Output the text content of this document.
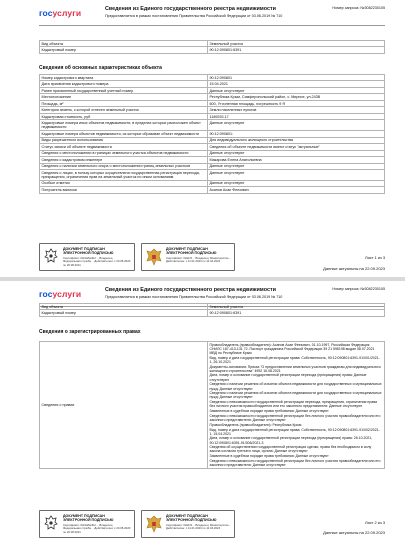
госуслуги	Сведения из Единого государственного реестра недвижимости
Предоставляется в рамках постановления Правительства Российской Федерации от 03.06.2019 № 710
Номер запроса: №3082230105
Вид объекта	Земельный участок
Кадастровый номер	90:12:090801:6391
Сведения об основных характеристиках объекта
Номер кадастрового квартала	90:12:090801
Дата присвоения кадастрового номера	15.04.2021
Ранее присвоенный государственный учетный номер	Данные отсутствуют
Местоположение	Республика Крым, Симферопольский район, с. Мирное, ул.243В
Площадь, м²	600, Уточненная площадь, погрешность 9 Я
Категория земель, к которой отнесен земельный участок	Земли населенных пунктов
Кадастровая стоимость, руб	1189253.17
Кадастровые номера иных объектов недвижимости, в пределах которых расположен объект недвижимости	Данные отсутствуют
Кадастровые номера объектов недвижимости, из которых образован объект недвижимости	90:12:090801:
Виды разрешенного использования	Для индивидуального жилищного строительства
Статус записи об объекте недвижимости	Сведения об объекте недвижимости имеют статус "актуальные"
Сведения о местоположении в границах земельного участка объектов недвижимости	Данные отсутствуют
Сведения о кадастровом инженере	Макарова Елена Анатольевна
Сведения о наличии земельного спора о местоположении границ земельных участков	Данные отсутствуют
Сведения о лицах, в пользу которых осуществлена государственная регистрация перехода, прекращения, ограничения прав на земельный участок по иным основаниям	Данные отсутствуют
Особые отметки	Данные отсутствуют
Получатель выписки	Асанов Асан Феезович
ДОКУМЕНТ ПОДПИСАН ЭЛЕКТРОННОЙ ПОДПИСЬЮ
Сертификат: 00c0a5e4b2… Владелец: Федеральная служба… Действителен: с 20.05.2020 по 20.08.2021
ДОКУМЕНТ ПОДПИСАН ЭЛЕКТРОННОЙ ПОДПИСЬЮ
Сертификат: 02a1f3… Владелец: Министерство… Действителен: с 11.01.2023 по 11.04.2024
Лист 1 из 3
Данные актуальны на 22.09.2023
госуслуги	Сведения из Единого государственного реестра недвижимости
Предоставляется в рамках постановления Правительства Российской Федерации от 03.06.2019 № 710
Номер запроса: №3082230105
Вид объекта	Земельный участок
Кадастровый номер	90:12:090801:6391
Сведения о зарегистрированных правах
Сведения о правах	

Правообладатель (правообладатели): Асанов Асан Феезович, 01.10.1997, Российская Федерация: СНИЛС 187-413-131 72. Паспорт гражданина Российской Федерации 39 21 596198 выдан 08.07.2021 МВД по Республике Крым

Вид, номер и дата государственной регистрации права: Собственность, 90:12:090801:6391-91/001/2021-1, 26.10.2021

Документы-основания: Приказ "О предоставлении земельных участков гражданам для индивидуального жилищного строительства" 4952 16.08.2021

Дата, номер и основание государственной регистрации перехода (прекращения) права: Данные отсутствуют

Сведения о наличии решения об изъятии объекта недвижимости для государственных и муниципальных нужд: Данные отсутствуют

Сведения о наличии решения об изъятии объекта недвижимости для государственных и муниципальных нужд: Данные отсутствуют

Сведения о невозможности государственной регистрации перехода, прекращения, ограничения права без личного участия правообладателя или его законного представителя: Данные отсутствуют

Заявленные в судебном порядке права требования: Данные отсутствуют

Сведения о невозможности государственной регистрации без личного участия правообладателя или его законного представителя: Данные отсутствуют

Правообладатель (правообладатели): Республика Крым

Вид, номер и дата государственной регистрации права: Собственность, 90:12:090801:6391-91/002/2021-1, 15.04.2021

Дата, номер и основание государственной регистрации перехода (прекращения) права: 26.10.2021, 90:12:090801:6391-91/006/2021-3

Сведения об осуществлении государственной регистрации сделки, права без необходимого в силу закона согласия третьего лица, органа: Данные отсутствуют

Заявленные в судебном порядке права требования: Данные отсутствуют

Сведения о невозможности государственной регистрации без личного участия правообладателя или его законного представителя: Данные отсутствуют

ДОКУМЕНТ ПОДПИСАН ЭЛЕКТРОННОЙ ПОДПИСЬЮ
Сертификат: 00c0a5e4b2… Владелец: Федеральная служба… Действителен: с 20.05.2020 по 20.08.2021
ДОКУМЕНТ ПОДПИСАН ЭЛЕКТРОННОЙ ПОДПИСЬЮ
Сертификат: 02a1f3… Владелец: Министерство… Действителен: с 11.01.2023 по 11.04.2024
Лист 2 из 3
Данные актуальны на 22.09.2023
